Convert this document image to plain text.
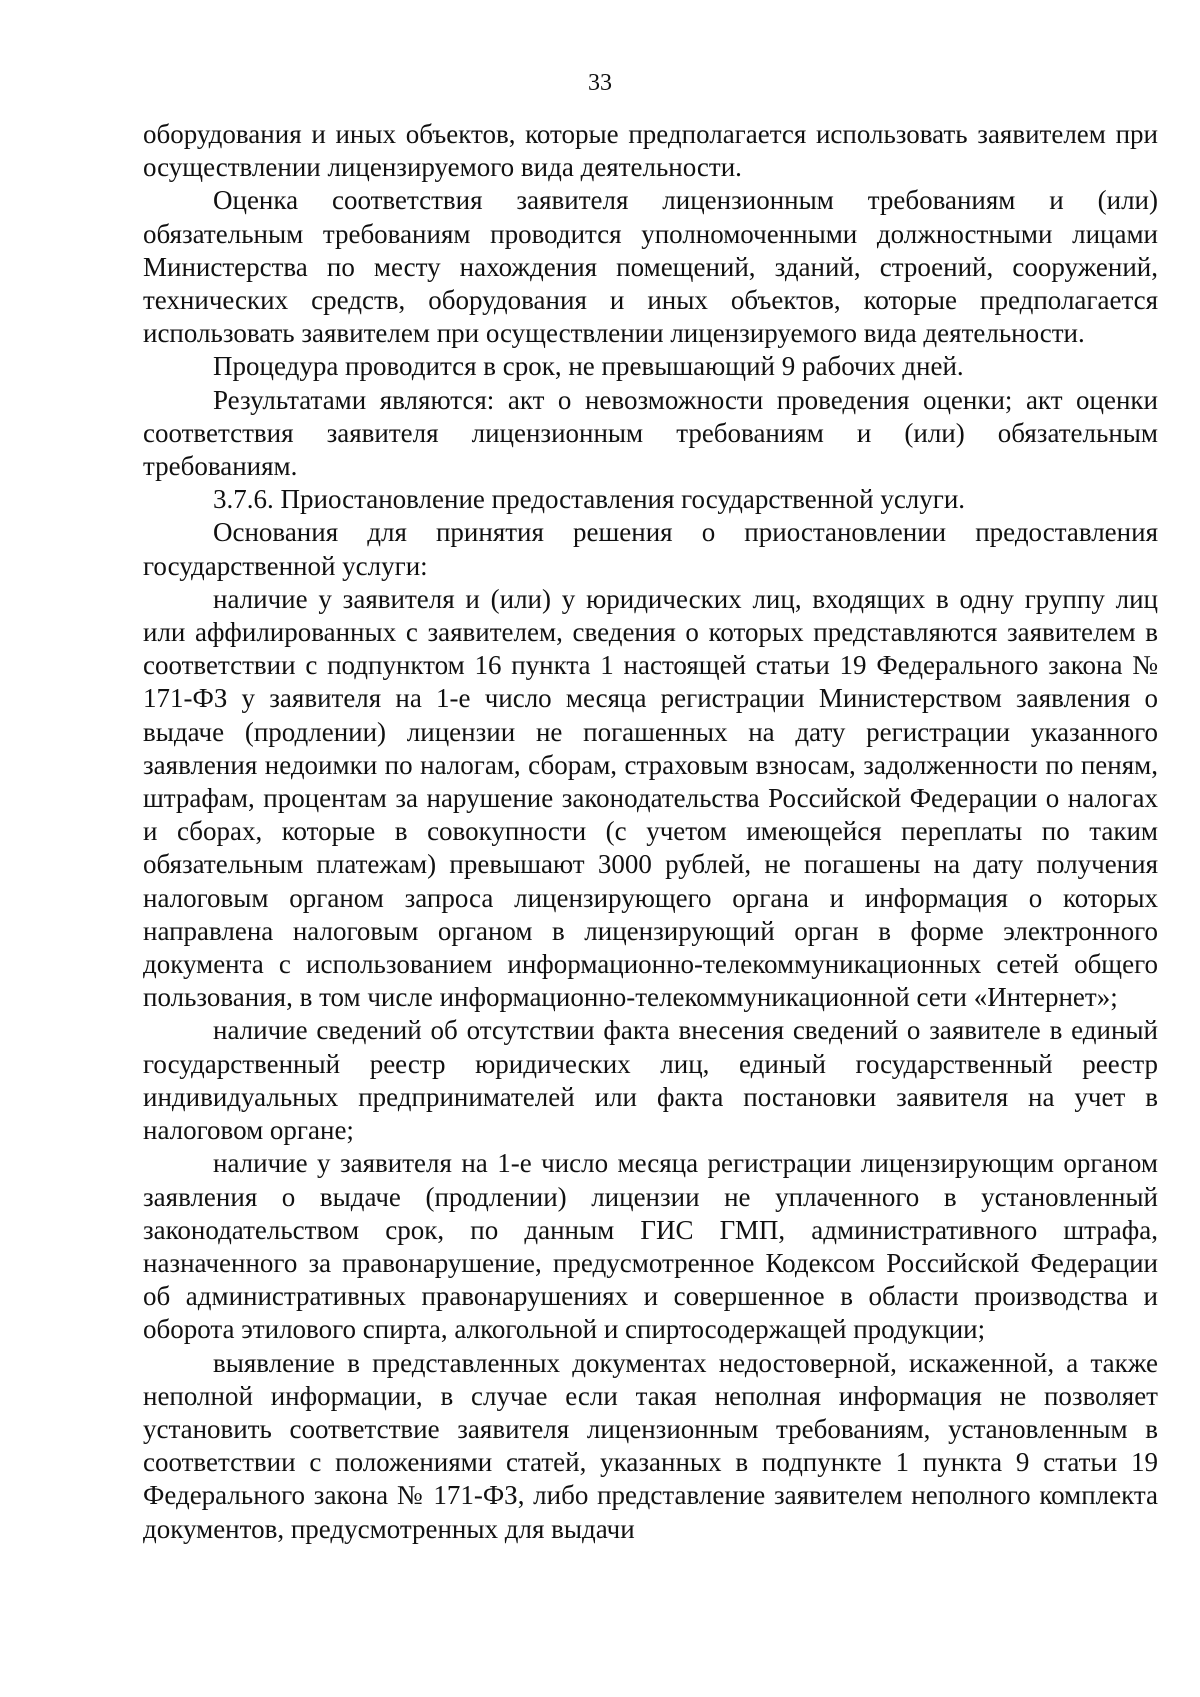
33

оборудования и иных объектов, которые предполагается использовать заявителем при осуществлении лицензируемого вида деятельности.

Оценка соответствия заявителя лицензионным требованиям и (или) обязательным требованиям проводится уполномоченными должностными лицами Министерства по месту нахождения помещений, зданий, строений, сооружений, технических средств, оборудования и иных объектов, которые предполагается использовать заявителем при осуществлении лицензируемого вида деятельности.

Процедура проводится в срок, не превышающий 9 рабочих дней.

Результатами являются: акт о невозможности проведения оценки; акт оценки соответствия заявителя лицензионным требованиям и (или) обязательным требованиям.

3.7.6. Приостановление предоставления государственной услуги.

Основания для принятия решения о приостановлении предоставления государственной услуги:

наличие у заявителя и (или) у юридических лиц, входящих в одну группу лиц или аффилированных с заявителем, сведения о которых представляются заявителем в соответствии с подпунктом 16 пункта 1 настоящей статьи 19 Федерального закона № 171-ФЗ у заявителя на 1-е число месяца регистрации Министерством заявления о выдаче (продлении) лицензии не погашенных на дату регистрации указанного заявления недоимки по налогам, сборам, страховым взносам, задолженности по пеням, штрафам, процентам за нарушение законодательства Российской Федерации о налогах и сборах, которые в совокупности (с учетом имеющейся переплаты по таким обязательным платежам) превышают 3000 рублей, не погашены на дату получения налоговым органом запроса лицензирующего органа и информация о которых направлена налоговым органом в лицензирующий орган в форме электронного документа с использованием информационно-телекоммуникационных сетей общего пользования, в том числе информационно-телекоммуникационной сети «Интернет»;

наличие сведений об отсутствии факта внесения сведений о заявителе в единый государственный реестр юридических лиц, единый государственный реестр индивидуальных предпринимателей или факта постановки заявителя на учет в налоговом органе;

наличие у заявителя на 1-е число месяца регистрации лицензирующим органом заявления о выдаче (продлении) лицензии не уплаченного в установленный законодательством срок, по данным ГИС ГМП, административного штрафа, назначенного за правонарушение, предусмотренное Кодексом Российской Федерации об административных правонарушениях и совершенное в области производства и оборота этилового спирта, алкогольной и спиртосодержащей продукции;

выявление в представленных документах недостоверной, искаженной, а также неполной информации, в случае если такая неполная информация не позволяет установить соответствие заявителя лицензионным требованиям, установленным в соответствии с положениями статей, указанных в подпункте 1 пункта 9 статьи 19 Федерального закона № 171-ФЗ, либо представление заявителем неполного комплекта документов, предусмотренных для выдачи
